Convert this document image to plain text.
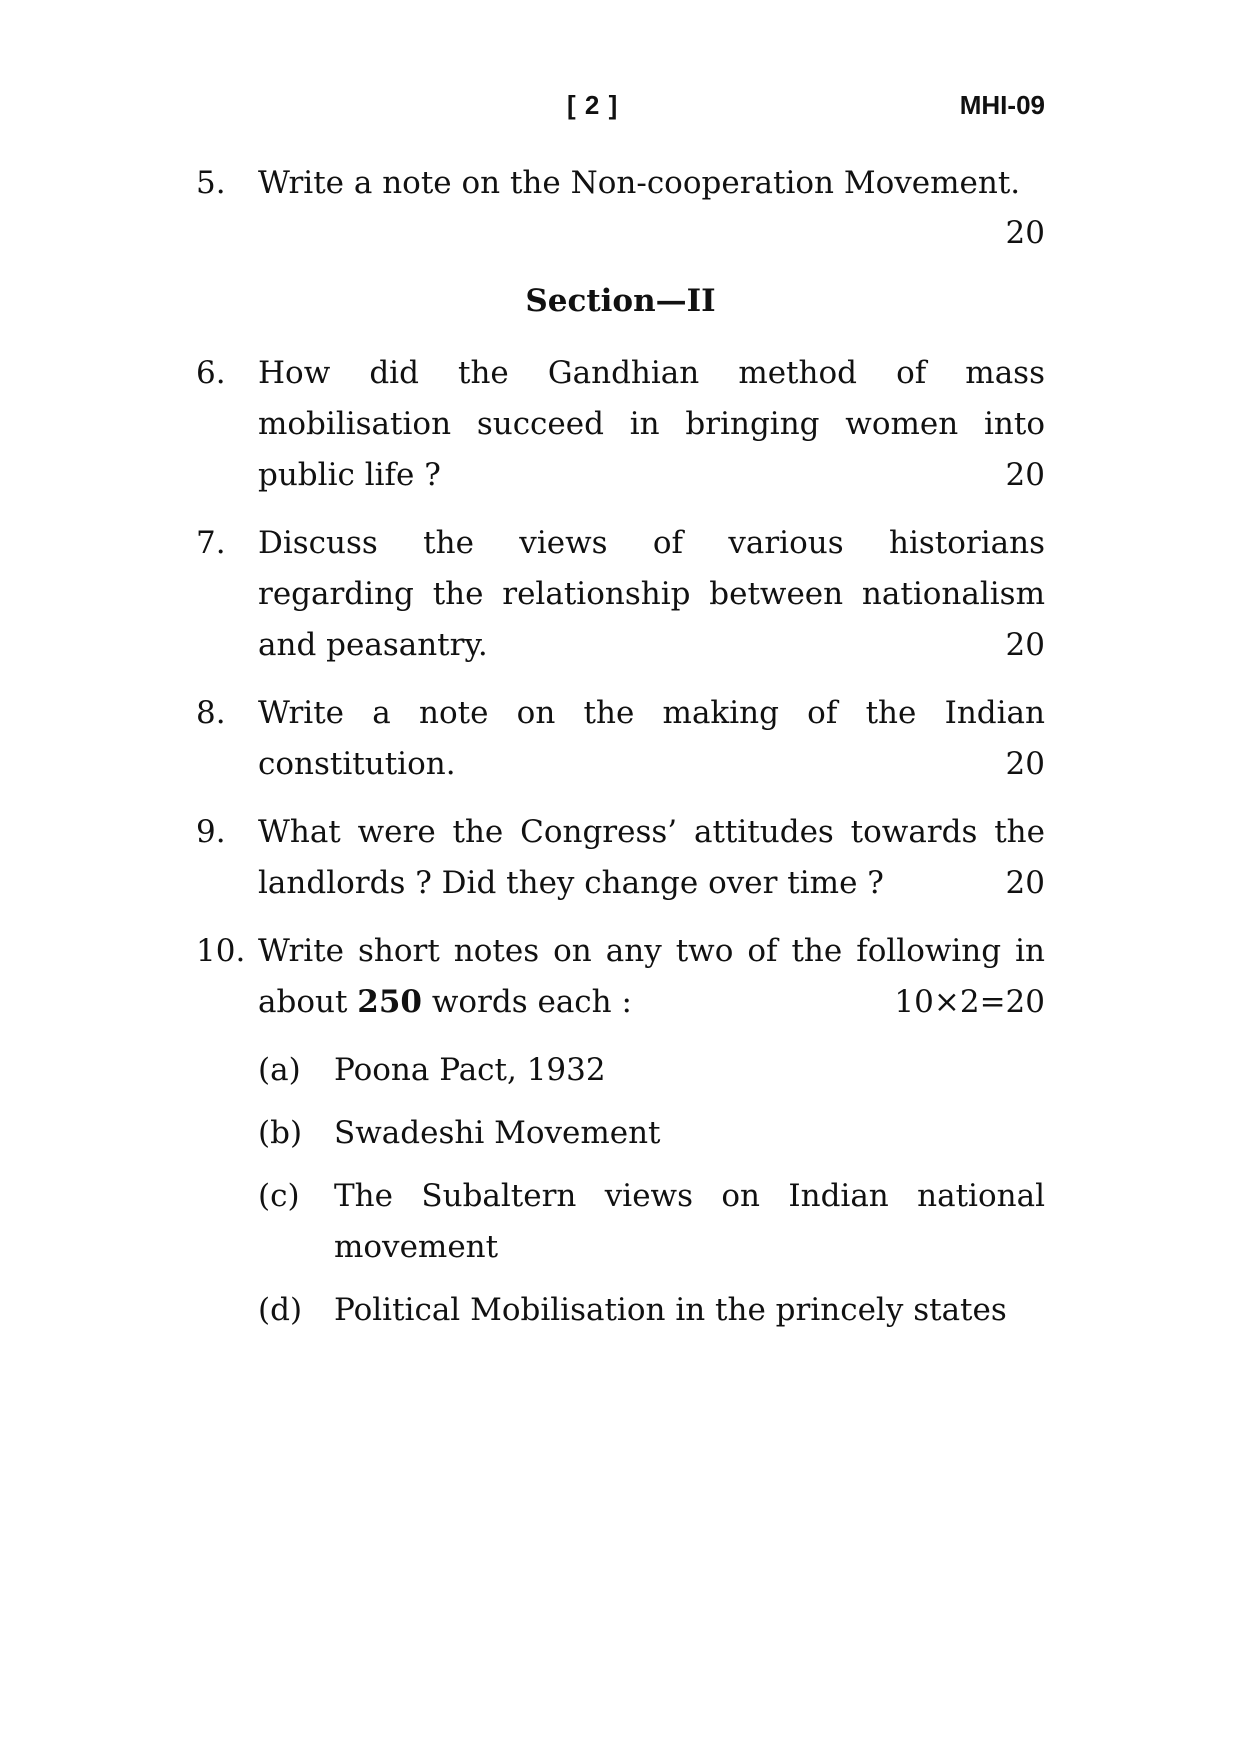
[ 2 ]	MHI-09
5. Write a note on the Non-cooperation Movement.
20
Section—II
6. How did the Gandhian method of mass
mobilisation succeed in bringing women into
public life ?	20
7. Discuss the views of various historians
regarding the relationship between nationalism
and peasantry.	20
8. Write a note on the making of the Indian
constitution.	20
9. What were the Congress’ attitudes towards the
landlords ? Did they change over time ?	20
10. Write short notes on any two of the following in
about 250 words each :	10×2=20
(a) Poona Pact, 1932
(b) Swadeshi Movement
(c) The Subaltern views on Indian national
movement
(d) Political Mobilisation in the princely states
